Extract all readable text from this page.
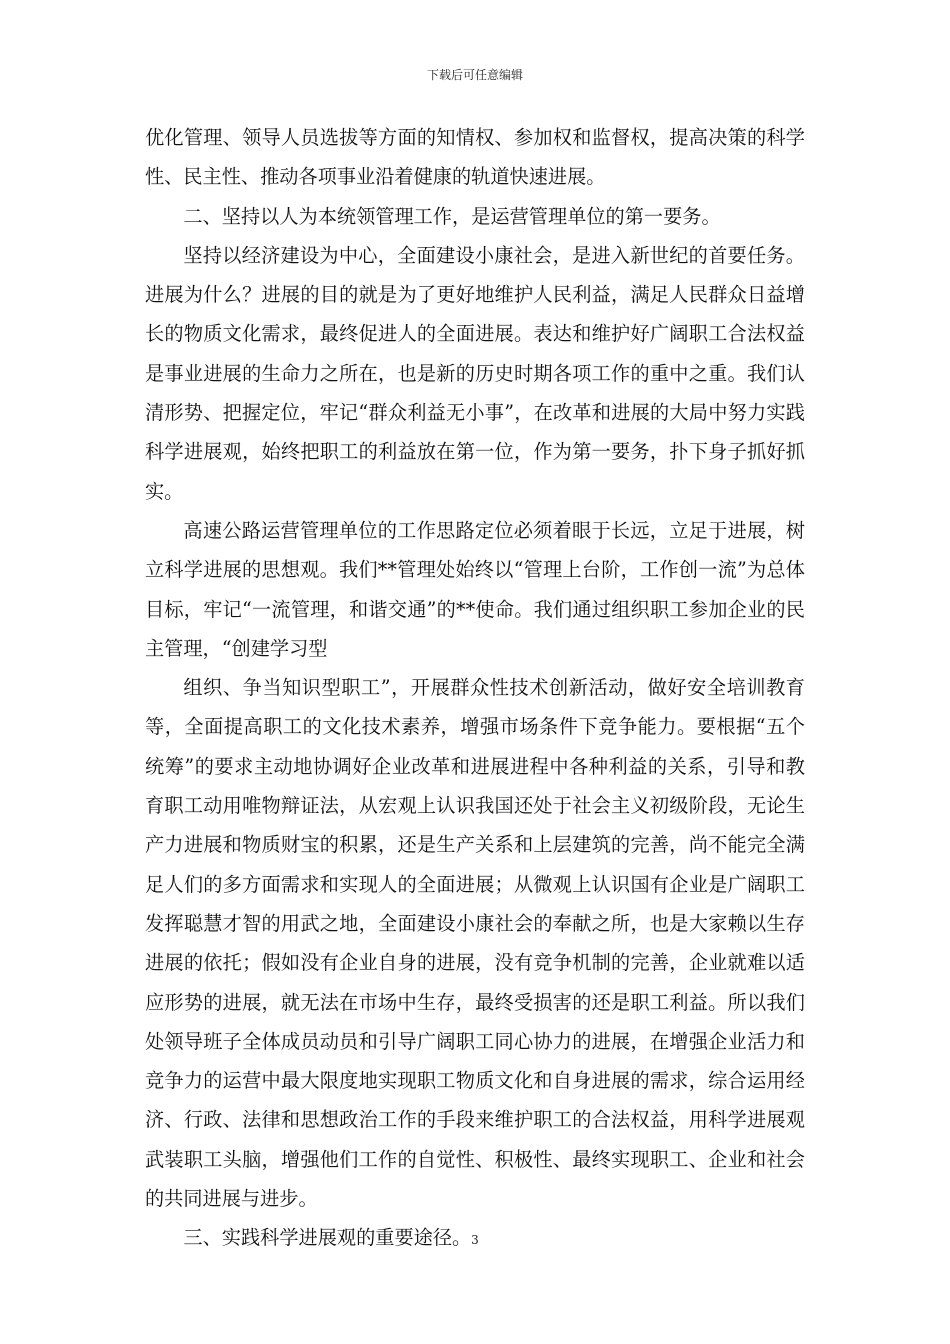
下载后可任意编辑

优化管理、领导人员选拔等方面的知情权、参加权和监督权，提高决策的科学性、民主性、推动各项事业沿着健康的轨道快速进展。

二、坚持以人为本统领管理工作，是运营管理单位的第一要务。

坚持以经济建设为中心，全面建设小康社会，是进入新世纪的首要任务。进展为什么？进展的目的就是为了更好地维护人民利益，满足人民群众日益增长的物质文化需求，最终促进人的全面进展。表达和维护好广阔职工合法权益是事业进展的生命力之所在，也是新的历史时期各项工作的重中之重。我们认清形势、把握定位，牢记“群众利益无小事”，在改革和进展的大局中努力实践科学进展观，始终把职工的利益放在第一位，作为第一要务，扑下身子抓好抓实。

高速公路运营管理单位的工作思路定位必须着眼于长远，立足于进展，树立科学进展的思想观。我们**管理处始终以“管理上台阶，工作创一流”为总体目标，牢记“一流管理，和谐交通”的**使命。我们通过组织职工参加企业的民主管理，“创建学习型

组织、争当知识型职工”，开展群众性技术创新活动，做好安全培训教育等，全面提高职工的文化技术素养，增强市场条件下竞争能力。要根据“五个统筹”的要求主动地协调好企业改革和进展进程中各种利益的关系，引导和教育职工动用唯物辩证法，从宏观上认识我国还处于社会主义初级阶段，无论生产力进展和物质财宝的积累，还是生产关系和上层建筑的完善，尚不能完全满足人们的多方面需求和实现人的全面进展；从微观上认识国有企业是广阔职工发挥聪慧才智的用武之地，全面建设小康社会的奉献之所，也是大家赖以生存进展的依托；假如没有企业自身的进展，没有竞争机制的完善，企业就难以适应形势的进展，就无法在市场中生存，最终受损害的还是职工利益。所以我们处领导班子全体成员动员和引导广阔职工同心协力的进展，在增强企业活力和竞争力的运营中最大限度地实现职工物质文化和自身进展的需求，综合运用经济、行政、法律和思想政治工作的手段来维护职工的合法权益，用科学进展观武装职工头脑，增强他们工作的自觉性、积极性、最终实现职工、企业和社会的共同进展与进步。

三、实践科学进展观的重要途径。 3
